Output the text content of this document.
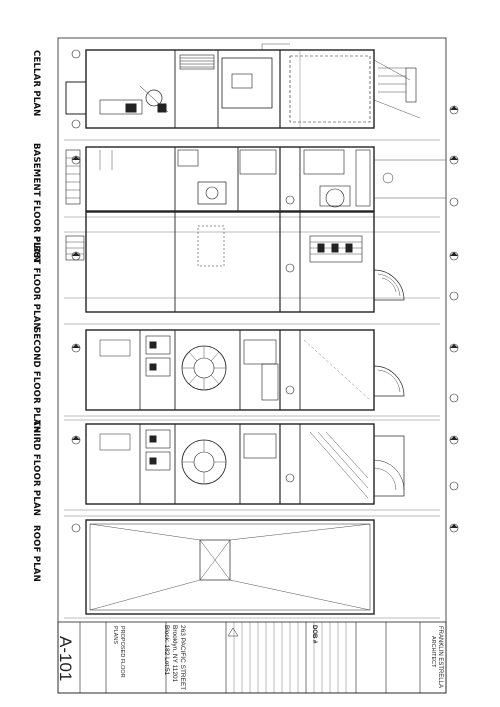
CELLAR PLAN
BASEMENT FLOOR PLAN
FIRST FLOOR PLAN
SECOND FLOOR PLAN
THIRD FLOOR PLAN
ROOF PLAN
A-101	PROPOSED FLOOR PLANS	263 PACIFIC STREET
Brooklyn, NY 11201
Block: 182 Lot:51	DOB #	FRANKLIN ESTRELLA
ARCHITECT
